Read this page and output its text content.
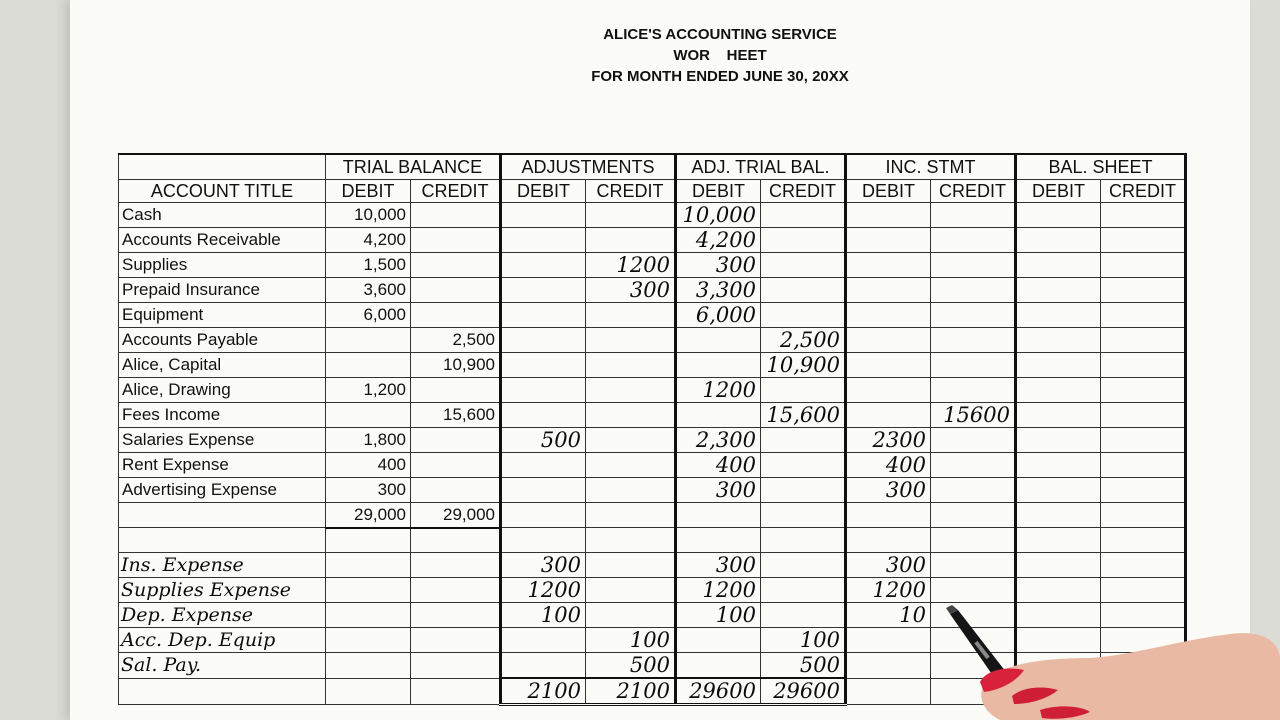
ALICE'S ACCOUNTING SERVICE
WOR    HEET
FOR MONTH ENDED JUNE 30, 20XX
	TRIAL BALANCE		ADJUSTMENTS		ADJ. TRIAL BAL.		INC. STMT		BAL. SHEET	
ACCOUNT TITLE	DEBIT	CREDIT	DEBIT	CREDIT	DEBIT	CREDIT	DEBIT	CREDIT	DEBIT	CREDIT
Cash	10,000				10,000					
Accounts Receivable	4,200				4,200					
Supplies	1,500			1200	300					
Prepaid Insurance	3,600			300	3,300					
Equipment	6,000				6,000					
Accounts Payable		2,500				2,500				
Alice, Capital		10,900				10,900				
Alice, Drawing	1,200				1200					
Fees Income		15,600				15,600		15600		
Salaries Expense	1,800		500		2,300		2300			
Rent Expense	400				400		400			
Advertising Expense	300				300		300			
	29,000	29,000								

Ins. Expense			300		300		300			
Supplies Expense			1200		1200		1200			
Dep. Expense			100		100		10			
Acc. Dep. Equip				100		100				
Sal. Pay.				500		500				
			2100	2100	29600	29600				
